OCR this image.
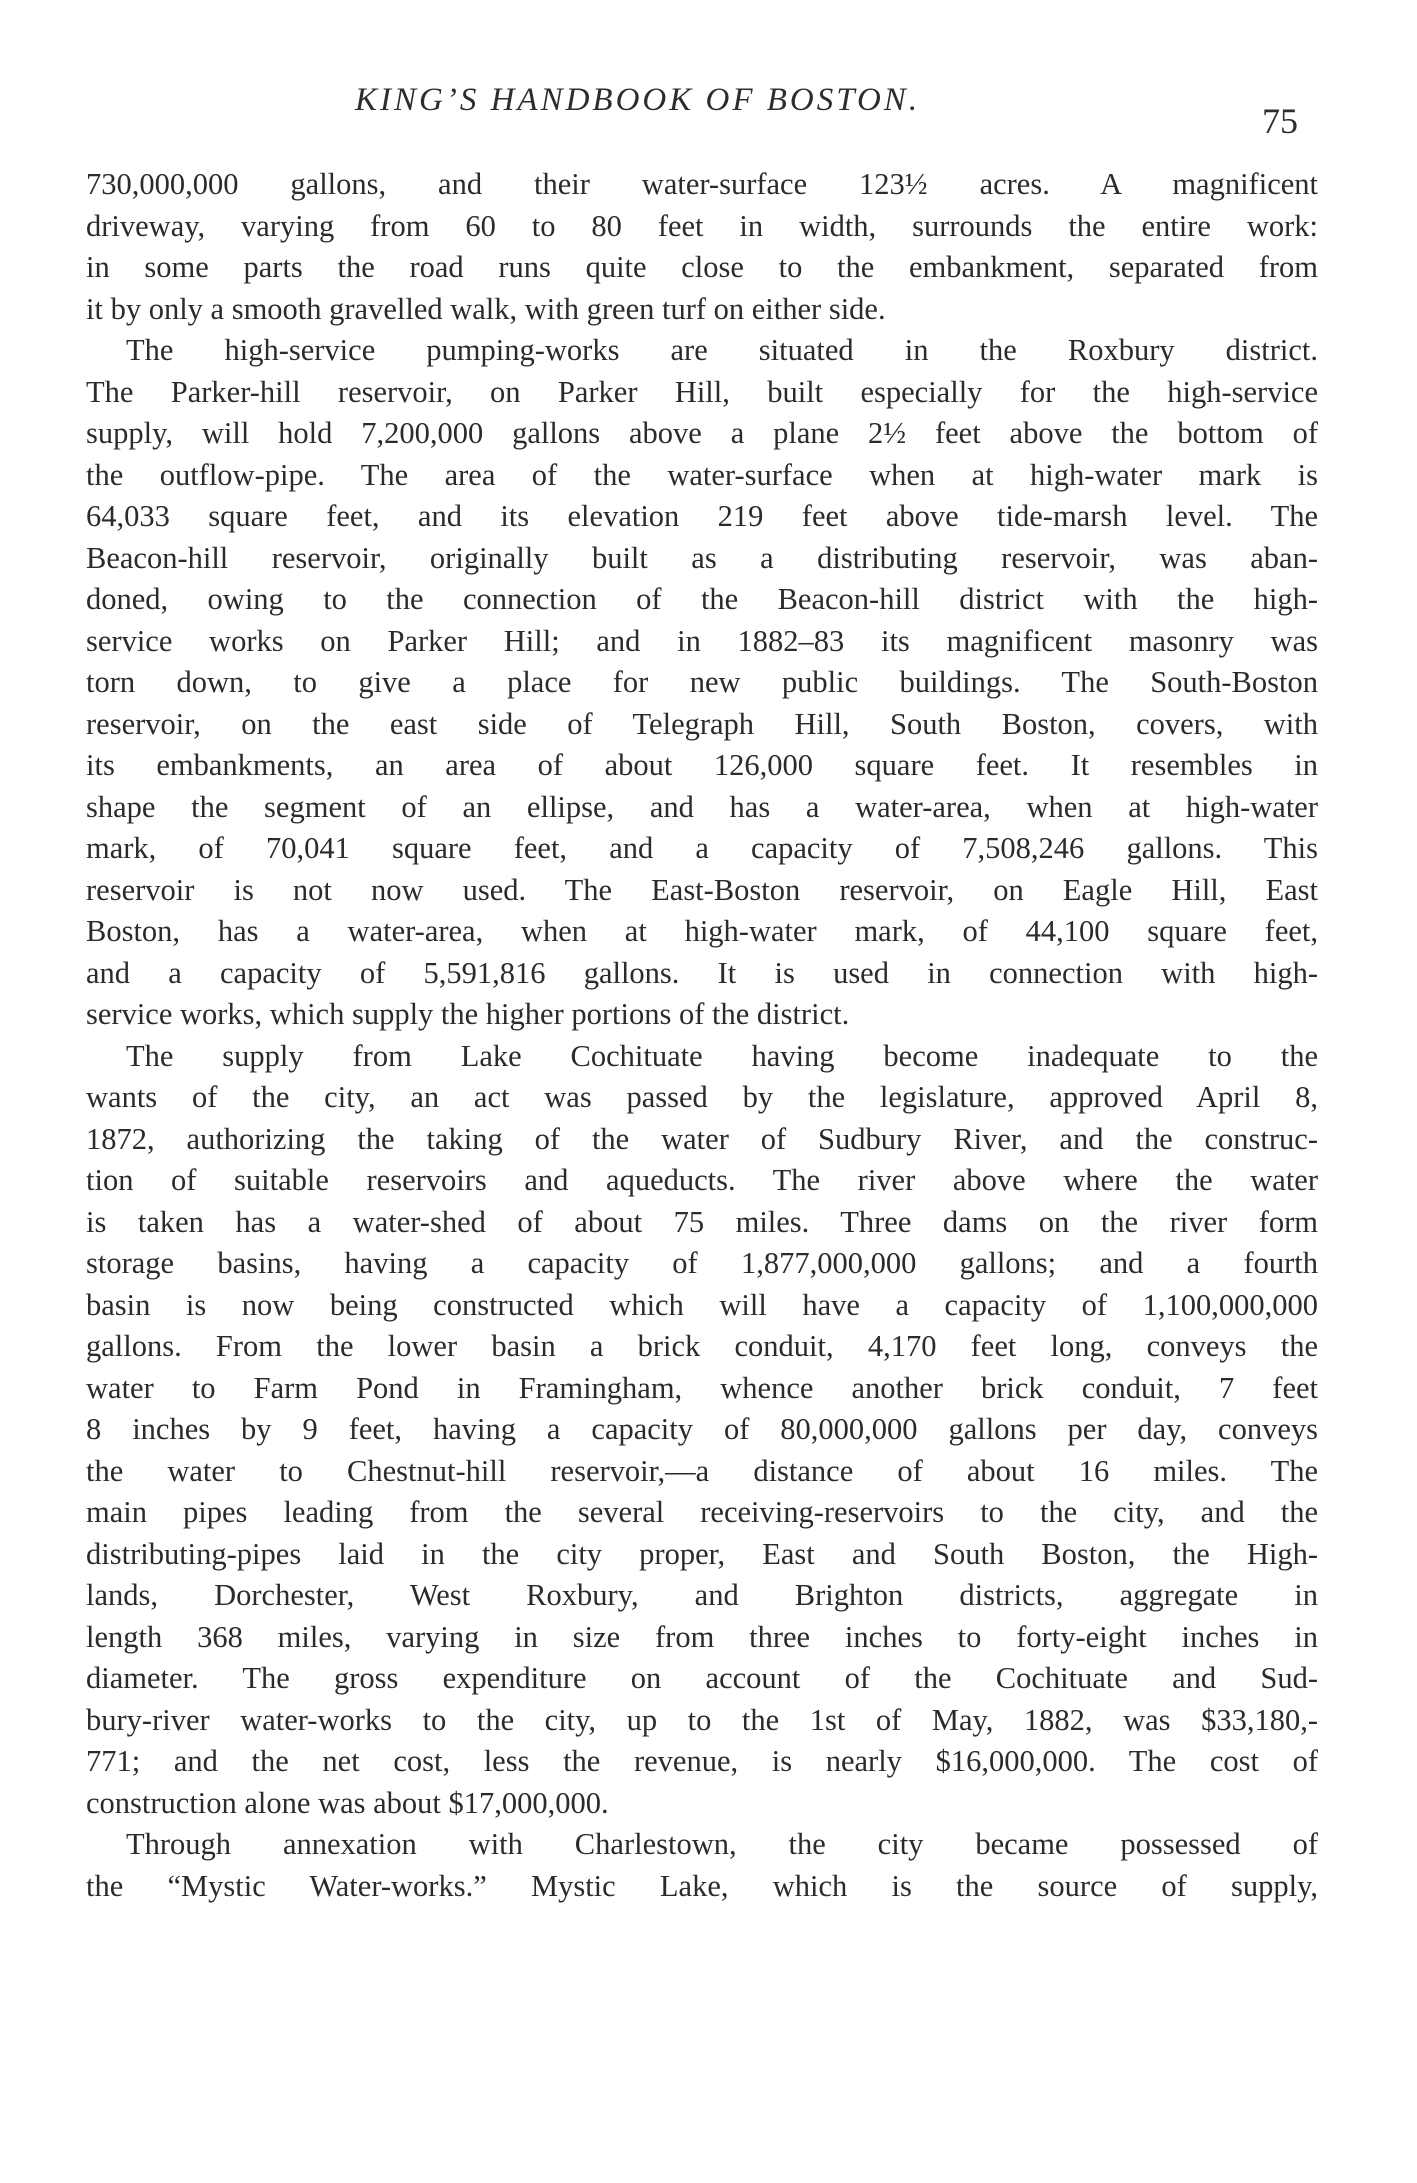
KING’S HANDBOOK OF BOSTON.
75
730,000,000 gallons, and their water-surface 123½ acres. A magnificent
driveway, varying from 60 to 80 feet in width, surrounds the entire work:
in some parts the road runs quite close to the embankment, separated from
it by only a smooth gravelled walk, with green turf on either side.
The high-service pumping-works are situated in the Roxbury district.
The Parker-hill reservoir, on Parker Hill, built especially for the high-service
supply, will hold 7,200,000 gallons above a plane 2½ feet above the bottom of
the outflow-pipe. The area of the water-surface when at high-water mark is
64,033 square feet, and its elevation 219 feet above tide-marsh level. The
Beacon-hill reservoir, originally built as a distributing reservoir, was aban-
doned, owing to the connection of the Beacon-hill district with the high-
service works on Parker Hill; and in 1882–83 its magnificent masonry was
torn down, to give a place for new public buildings. The South-Boston
reservoir, on the east side of Telegraph Hill, South Boston, covers, with
its embankments, an area of about 126,000 square feet. It resembles in
shape the segment of an ellipse, and has a water-area, when at high-water
mark, of 70,041 square feet, and a capacity of 7,508,246 gallons. This
reservoir is not now used. The East-Boston reservoir, on Eagle Hill, East
Boston, has a water-area, when at high-water mark, of 44,100 square feet,
and a capacity of 5,591,816 gallons. It is used in connection with high-
service works, which supply the higher portions of the district.
The supply from Lake Cochituate having become inadequate to the
wants of the city, an act was passed by the legislature, approved April 8,
1872, authorizing the taking of the water of Sudbury River, and the construc-
tion of suitable reservoirs and aqueducts. The river above where the water
is taken has a water-shed of about 75 miles. Three dams on the river form
storage basins, having a capacity of 1,877,000,000 gallons; and a fourth
basin is now being constructed which will have a capacity of 1,100,000,000
gallons. From the lower basin a brick conduit, 4,170 feet long, conveys the
water to Farm Pond in Framingham, whence another brick conduit, 7 feet
8 inches by 9 feet, having a capacity of 80,000,000 gallons per day, conveys
the water to Chestnut-hill reservoir,—a distance of about 16 miles. The
main pipes leading from the several receiving-reservoirs to the city, and the
distributing-pipes laid in the city proper, East and South Boston, the High-
lands, Dorchester, West Roxbury, and Brighton districts, aggregate in
length 368 miles, varying in size from three inches to forty-eight inches in
diameter. The gross expenditure on account of the Cochituate and Sud-
bury-river water-works to the city, up to the 1st of May, 1882, was $33,180,-
771; and the net cost, less the revenue, is nearly $16,000,000. The cost of
construction alone was about $17,000,000.
Through annexation with Charlestown, the city became possessed of
the “Mystic Water-works.” Mystic Lake, which is the source of supply,
